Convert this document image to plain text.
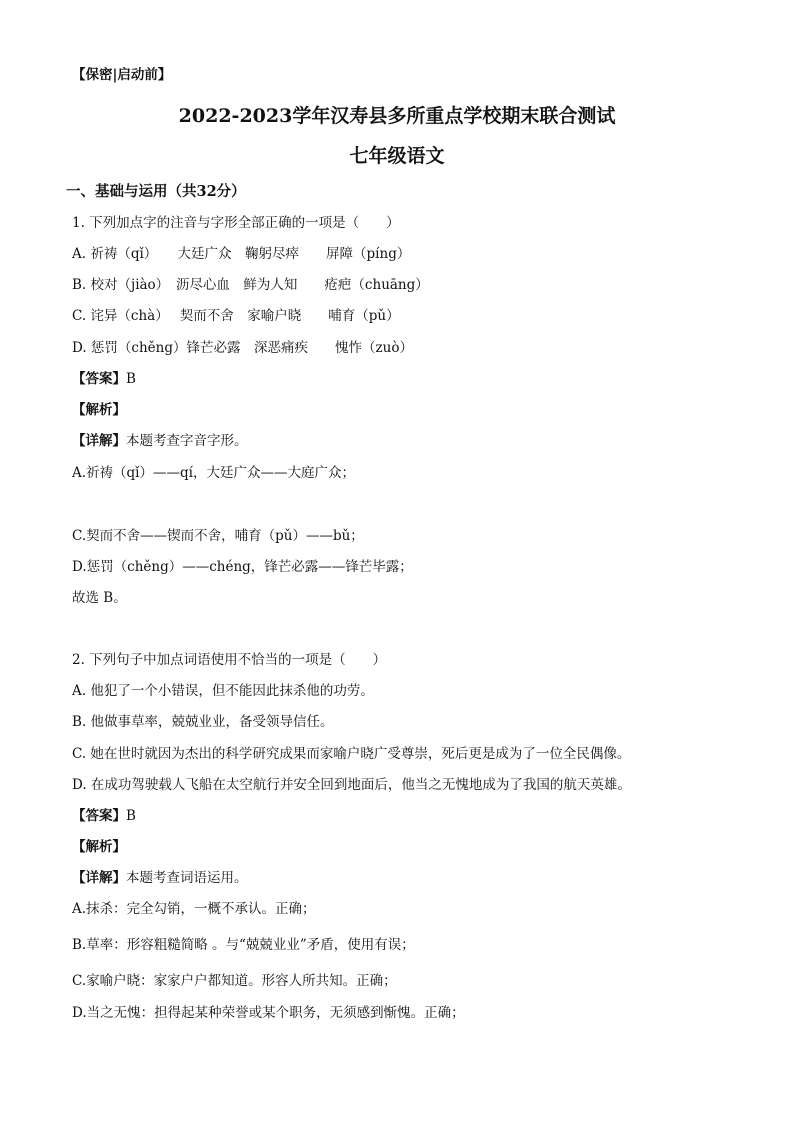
【保密|启动前】
2022-2023学年汉寿县多所重点学校期末联合测试
七年级语文
一、基础与运用（共32分）
1. 下列加点字的注音与字形全部正确的一项是（　　）
A. 祈祷（qǐ）　　大廷广众　鞠躬尽瘁　　屏障（píng）
B. 校对（jiào）　沥尽心血　鲜为人知　　疮疤（chuāng）
C. 诧异（chà）　 契而不舍　家喻户晓　　哺育（pǔ）
D. 惩罚（chěng）锋芒必露　深恶痛疾　　愧怍（zuò）
【答案】B
【解析】
【详解】本题考查字音字形。
A.祈祷（qǐ）——qí，大廷广众——大庭广众；
C.契而不舍——锲而不舍，哺育（pǔ）——bǔ；
D.惩罚（chěng）——chéng，锋芒必露——锋芒毕露；
故选 B。
2. 下列句子中加点词语使用不恰当的一项是（　　）
A. 他犯了一个小错误，但不能因此抹杀他的功劳。
B. 他做事草率，兢兢业业，备受领导信任。
C. 她在世时就因为杰出的科学研究成果而家喻户晓广受尊崇，死后更是成为了一位全民偶像。
D. 在成功驾驶载人飞船在太空航行并安全回到地面后，他当之无愧地成为了我国的航天英雄。
【答案】B
【解析】
【详解】本题考查词语运用。
A.抹杀：完全勾销，一概不承认。正确；
B.草率：形容粗糙简略 。与“兢兢业业”矛盾，使用有误；
C.家喻户晓：家家户户都知道。形容人所共知。正确；
D.当之无愧：担得起某种荣誉或某个职务，无须感到惭愧。正确；
